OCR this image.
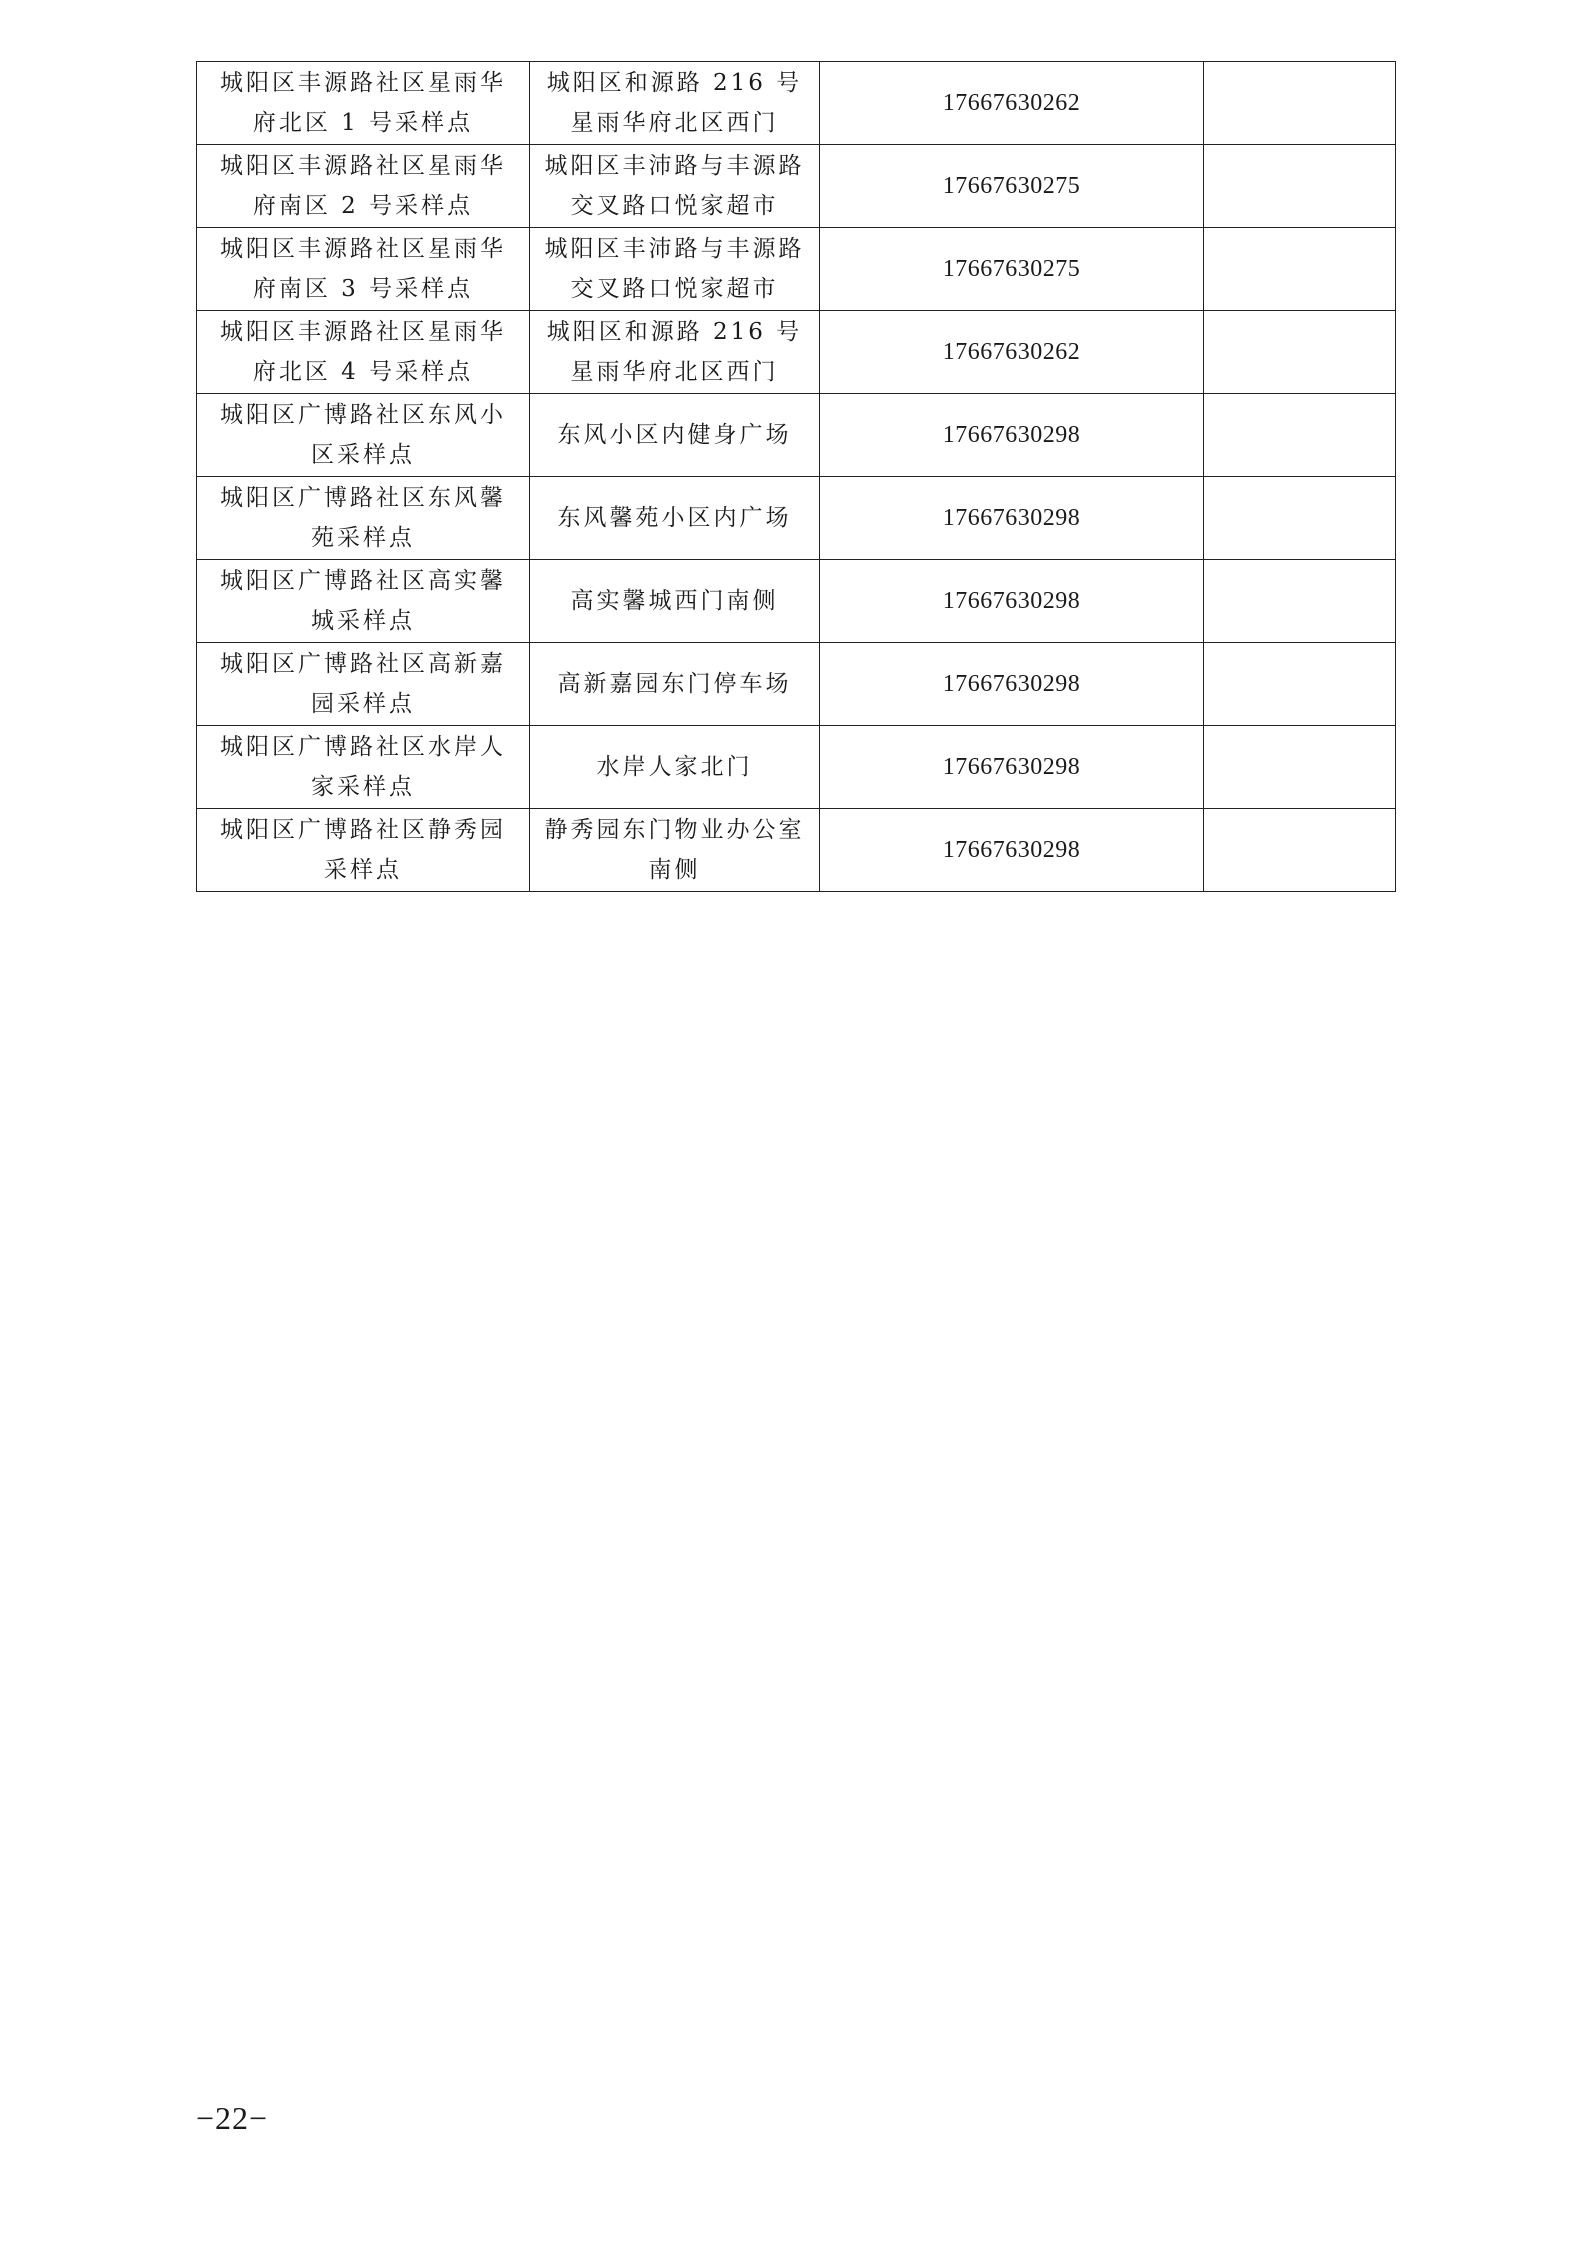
城阳区丰源路社区星雨华府北区 1 号采样点	城阳区和源路 216 号星雨华府北区西门	17667630262	
城阳区丰源路社区星雨华府南区 2 号采样点	城阳区丰沛路与丰源路交叉路口悦家超市	17667630275	
城阳区丰源路社区星雨华府南区 3 号采样点	城阳区丰沛路与丰源路交叉路口悦家超市	17667630275	
城阳区丰源路社区星雨华府北区 4 号采样点	城阳区和源路 216 号星雨华府北区西门	17667630262	
城阳区广博路社区东风小区采样点	东风小区内健身广场	17667630298	
城阳区广博路社区东风馨苑采样点	东风馨苑小区内广场	17667630298	
城阳区广博路社区高实馨城采样点	高实馨城西门南侧	17667630298	
城阳区广博路社区高新嘉园采样点	高新嘉园东门停车场	17667630298	
城阳区广博路社区水岸人家采样点	水岸人家北门	17667630298	
城阳区广博路社区静秀园采样点	静秀园东门物业办公室南侧	17667630298	
−22−
